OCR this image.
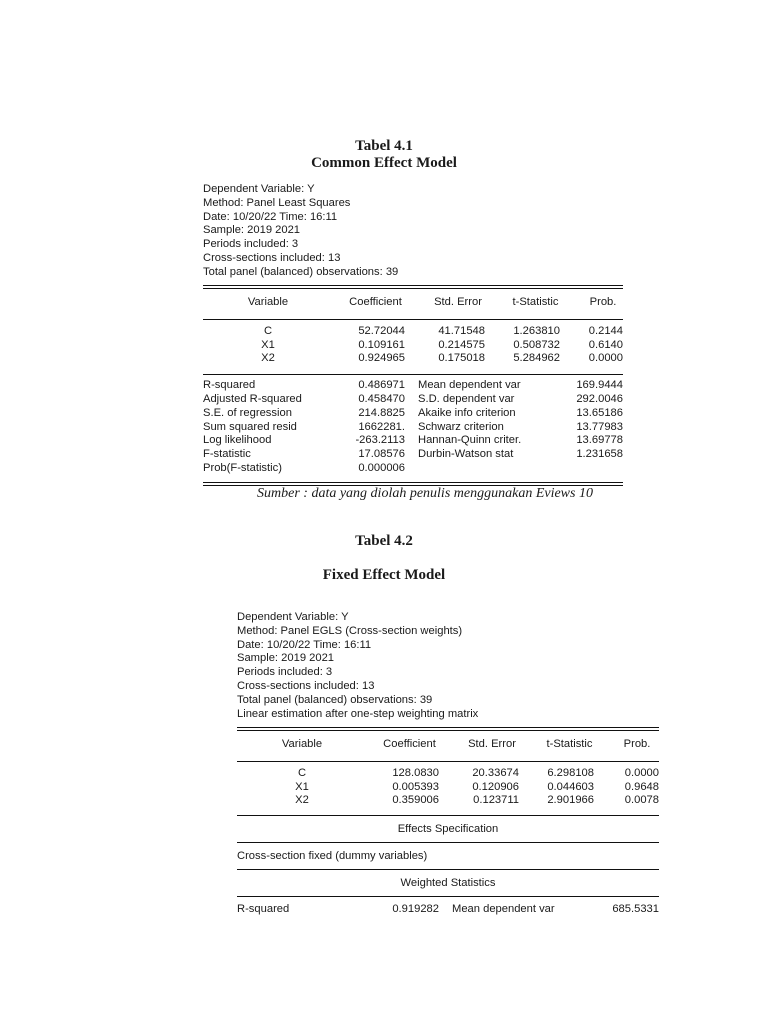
Tabel 4.1
Common Effect Model
Dependent Variable: Y
Method: Panel Least Squares
Date: 10/20/22 Time: 16:11
Sample: 2019 2021
Periods included: 3
Cross-sections included: 13
Total panel (balanced) observations: 39
Variable	Coefficient	Std. Error	t-Statistic	Prob.
C	52.72044	41.71548	1.263810	0.2144
X1	0.109161	0.214575	0.508732	0.6140
X2	0.924965	0.175018	5.284962	0.0000
R-squared	0.486971 Mean dependent var	169.9444
Adjusted R-squared	0.458470 S.D. dependent var	292.0046
S.E. of regression	214.8825 Akaike info criterion	13.65186
Sum squared resid	1662281. Schwarz criterion	13.77983
Log likelihood	-263.2113 Hannan-Quinn criter.	13.69778
F-statistic	17.08576 Durbin-Watson stat	1.231658
Prob(F-statistic)	0.000006
Sumber : data yang diolah penulis menggunakan Eviews 10
Tabel 4.2
Fixed Effect Model
Dependent Variable: Y
Method: Panel EGLS (Cross-section weights)
Date: 10/20/22 Time: 16:11
Sample: 2019 2021
Periods included: 3
Cross-sections included: 13
Total panel (balanced) observations: 39
Linear estimation after one-step weighting matrix
Variable	Coefficient	Std. Error	t-Statistic	Prob.
C	128.0830	20.33674	6.298108	0.0000
X1	0.005393	0.120906	0.044603	0.9648
X2	0.359006	0.123711	2.901966	0.0078
Effects Specification
Cross-section fixed (dummy variables)
Weighted Statistics
R-squared	0.919282 Mean dependent var	685.5331
